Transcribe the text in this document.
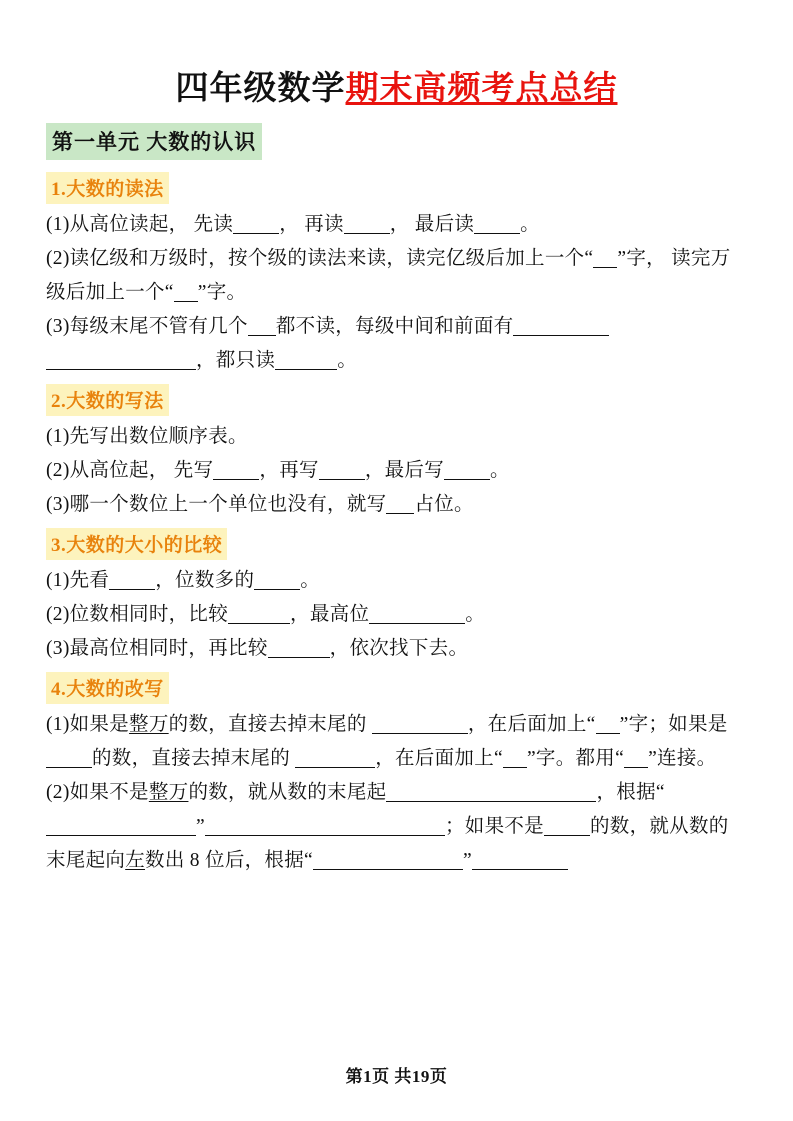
四年级数学期末高频考点总结
第一单元 大数的认识
1.大数的读法

(1)从高位读起， 先读 ， 再读 ， 最后读 。

(2)读亿级和万级时，按个级的读法来读，读完亿级后加上一个“ ”字， 读完万级后加上一个“ ”字。

(3)每级末尾不管有几个 都不读，每级中间和前面有，都只读	。

2.大数的写法

(1)先写出数位顺序表。

(2)从高位起， 先写 ，再写 ，最后写 。

(3)哪一个数位上一个单位也没有，就写 占位。

3.大数的大小的比较

(1)先看 ，位数多的 。

(2)位数相同时，比较	，最高位	。

(3)最高位相同时，再比较	，依次找下去。

4.大数的改写

(1)如果是整万的数，直接去掉末尾的	，在后面加上“ ”字；如果是的数，直接去掉末尾的	，在后面加上“ ”字。都用“ ”连接。

(2)如果不是整万的数，就从数的末尾起	，根据“”	；如果不是 的数，就从数的末尾起向左数出 8 位后，根据“	”

第1页 共19页
